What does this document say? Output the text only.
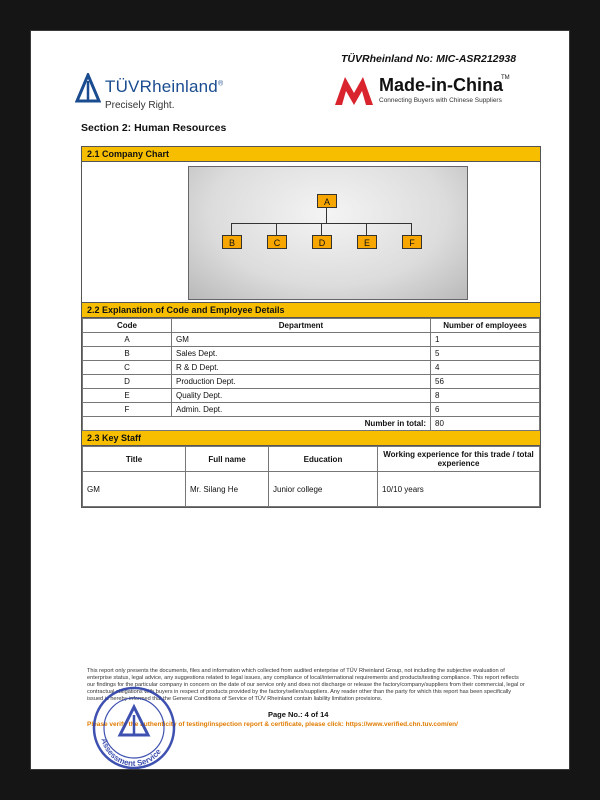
TÜVRheinland No: MIC-ASR212938
TÜVRheinland®
Precisely Right.
Made-in-China
TM
Connecting Buyers with Chinese Suppliers
Section 2: Human Resources
2.1 Company Chart
A
B	C	D	E	F
2.2 Explanation of Code and Employee Details
Code	Department	Number of employees
A	GM	1
B	Sales Dept.	5
C	R & D Dept.	4
D	Production Dept.	56
E	Quality Dept.	8
F	Admin. Dept.	6
Number in total:		80
2.3 Key Staff
Title	Full name	Education	Working experience for this trade / total experience
GM	Mr. Silang He	Junior college	10/10 years
This report only presents the documents, files and information which collected from audited enterprise of TÜV Rheinland Group, not including the subjective evaluation of enterprise status, legal advice, any suggestions related to legal issues, any compliance of local/international requirements and products/testing compliance. This report reflects our findings for the particular company in concern on the date of our service only and does not discharge or release the factory/company/suppliers from their commercial, legal or contractual obligations with buyers in respect of products provided by the factory/sellers/suppliers. Any reader other than the party for which this report has been specifically issued is hereby informed that the General Conditions of Service of TÜV Rheinland contain liability limitation provisions.
Page No.: 4 of 14
Please verify the authenticity of testing/inspection report & certificate, please click: https://www.verified.chn.tuv.com/en/
Assessment Service
